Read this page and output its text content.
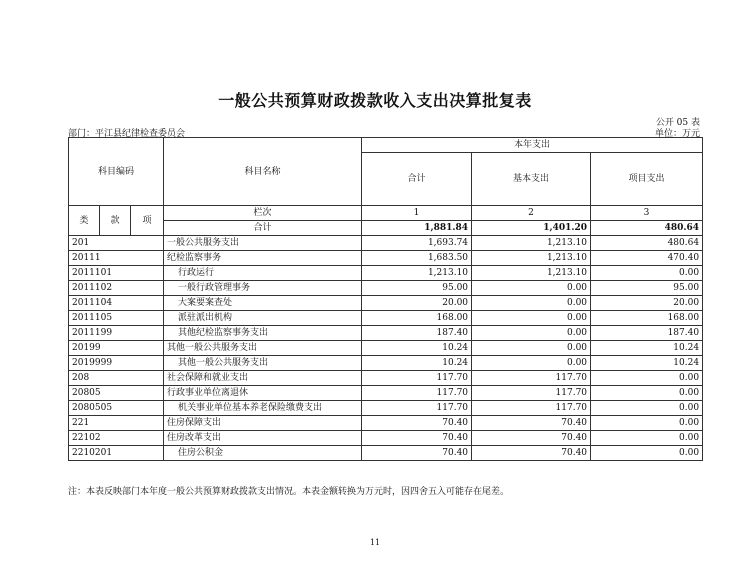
一般公共预算财政拨款收入支出决算批复表
公开 05 表
部门：平江县纪律检查委员会	单位：万元
科目编码			科目名称	本年支出		
				合计	基本支出	项目支出
类	款	项	栏次	1	2	3
			合计	1,881.84	1,401.20	480.64
201			一般公共服务支出	1,693.74	1,213.10	480.64
20111			纪检监察事务	1,683.50	1,213.10	470.40
2011101			行政运行	1,213.10	1,213.10	0.00
2011102			一般行政管理事务	95.00	0.00	95.00
2011104			大案要案查处	20.00	0.00	20.00
2011105			派驻派出机构	168.00	0.00	168.00
2011199			其他纪检监察事务支出	187.40	0.00	187.40
20199			其他一般公共服务支出	10.24	0.00	10.24
2019999			其他一般公共服务支出	10.24	0.00	10.24
208			社会保障和就业支出	117.70	117.70	0.00
20805			行政事业单位离退休	117.70	117.70	0.00
2080505			机关事业单位基本养老保险缴费支出	117.70	117.70	0.00
221			住房保障支出	70.40	70.40	0.00
22102			住房改革支出	70.40	70.40	0.00
2210201			住房公积金	70.40	70.40	0.00
注：本表反映部门本年度一般公共预算财政拨款支出情况。本表金额转换为万元时，因四舍五入可能存在尾差。
11
